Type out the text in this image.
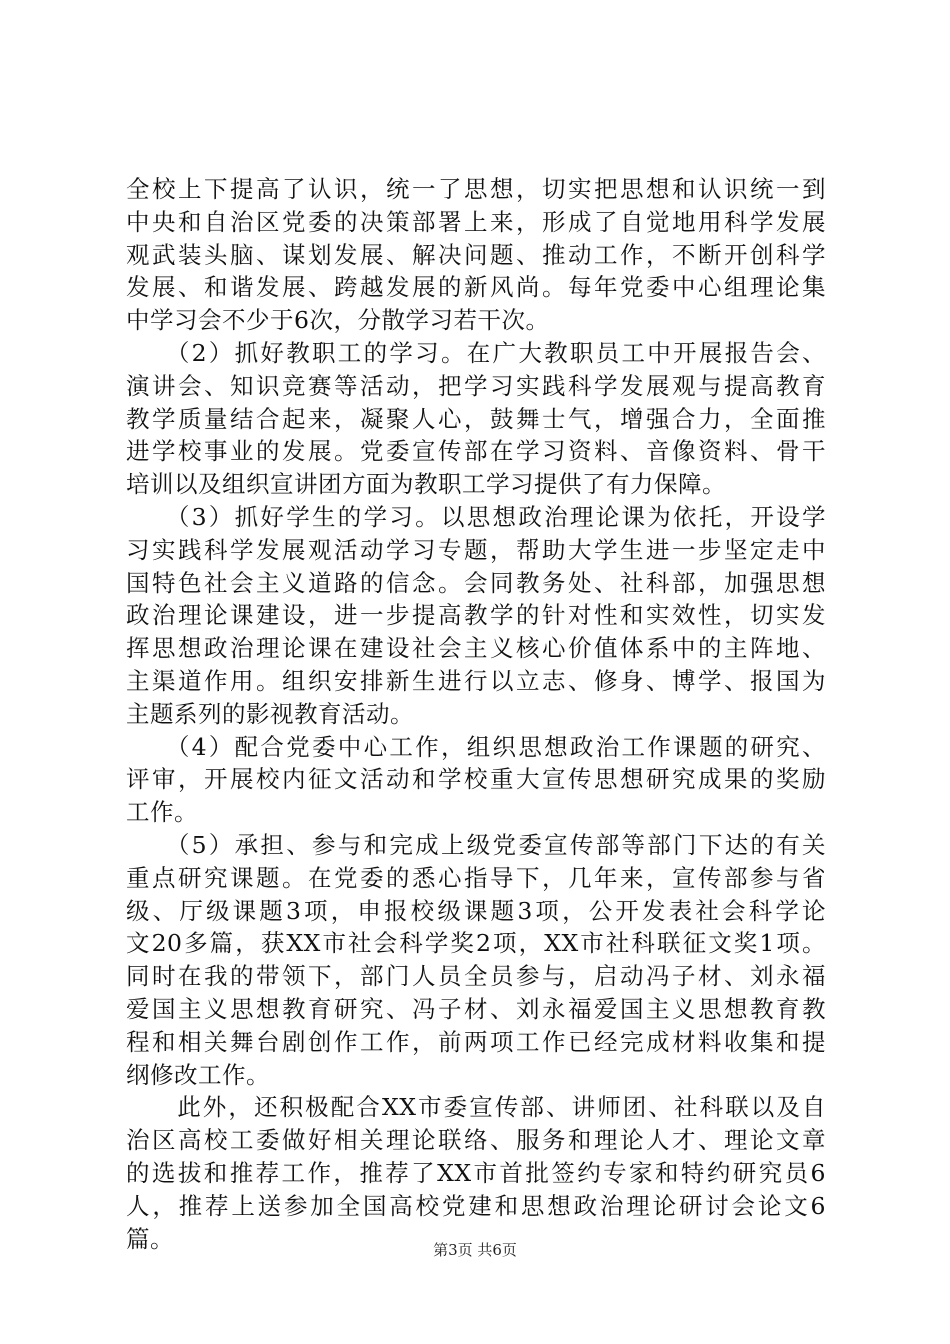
全校上下提高了认识，统一了思想，切实把思想和认识统一到
中央和自治区党委的决策部署上来，形成了自觉地用科学发展
观武装头脑、谋划发展、解决问题、推动工作，不断开创科学
发展、和谐发展、跨越发展的新风尚。每年党委中心组理论集
中学习会不少于6次，分散学习若干次。
　　（2）抓好教职工的学习。在广大教职员工中开展报告会、
演讲会、知识竞赛等活动，把学习实践科学发展观与提高教育
教学质量结合起来，凝聚人心，鼓舞士气，增强合力，全面推
进学校事业的发展。党委宣传部在学习资料、音像资料、骨干
培训以及组织宣讲团方面为教职工学习提供了有力保障。
　　（3）抓好学生的学习。以思想政治理论课为依托，开设学
习实践科学发展观活动学习专题，帮助大学生进一步坚定走中
国特色社会主义道路的信念。会同教务处、社科部，加强思想
政治理论课建设，进一步提高教学的针对性和实效性，切实发
挥思想政治理论课在建设社会主义核心价值体系中的主阵地、
主渠道作用。组织安排新生进行以立志、修身、博学、报国为
主题系列的影视教育活动。
　　（4）配合党委中心工作，组织思想政治工作课题的研究、
评审，开展校内征文活动和学校重大宣传思想研究成果的奖励
工作。
　　（5）承担、参与和完成上级党委宣传部等部门下达的有关
重点研究课题。在党委的悉心指导下，几年来，宣传部参与省
级、厅级课题3项，申报校级课题3项，公开发表社会科学论
文20多篇，获XX市社会科学奖2项，XX市社科联征文奖1项。
同时在我的带领下，部门人员全员参与，启动冯子材、刘永福
爱国主义思想教育研究、冯子材、刘永福爱国主义思想教育教
程和相关舞台剧创作工作，前两项工作已经完成材料收集和提
纲修改工作。
　　此外，还积极配合XX市委宣传部、讲师团、社科联以及自
治区高校工委做好相关理论联络、服务和理论人才、理论文章
的选拔和推荐工作，推荐了XX市首批签约专家和特约研究员6
人，推荐上送参加全国高校党建和思想政治理论研讨会论文6
篇。	第3页 共6页
